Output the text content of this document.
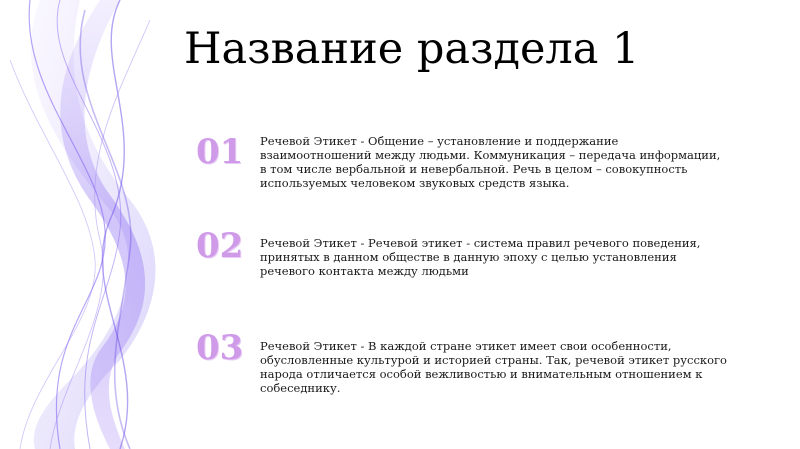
Название раздела 1
01	Речевой Этикет - Общение – установление и поддержание взаимоотношений между людьми. Коммуникация – передача информации, в том числе вербальной и невербальной. Речь в целом – совокупность используемых человеком звуковых средств языка.
02	Речевой Этикет - Речевой этикет - система правил речевого поведения, принятых в данном обществе в данную эпоху с целью установления речевого контакта между людьми
03	Речевой Этикет - В каждой стране этикет имеет свои особенности, обусловленные культурой и историей страны. Так, речевой этикет русского народа отличается особой вежливостью и внимательным отношением к собеседнику.
